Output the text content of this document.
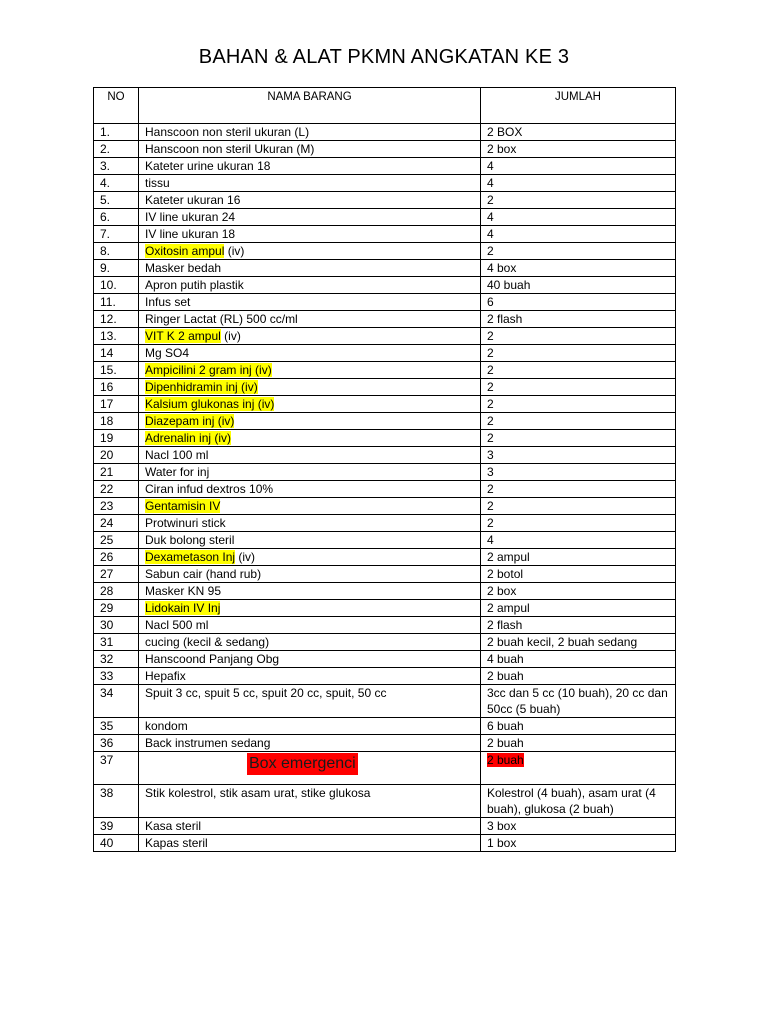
BAHAN & ALAT PKMN ANGKATAN KE 3
NO	NAMA BARANG	JUMLAH
1.	Hanscoon non steril ukuran (L)	2 BOX
2.	Hanscoon non steril Ukuran (M)	2 box
3.	Kateter urine ukuran 18	4
4.	tissu	4
5.	Kateter ukuran 16	2
6.	IV line ukuran 24	4
7.	IV line ukuran 18	4
8.	Oxitosin ampul (iv)	2
9.	Masker bedah	4 box
10.	Apron putih plastik	40 buah
11.	Infus set	6
12.	Ringer Lactat (RL) 500 cc/ml	2 flash
13.	VIT K 2 ampul (iv)	2
14	Mg SO4	2
15.	Ampicilini 2 gram inj (iv)	2
16	Dipenhidramin inj (iv)	2
17	Kalsium glukonas inj (iv)	2
18	Diazepam inj (iv)	2
19	Adrenalin inj (iv)	2
20	Nacl 100 ml	3
21	Water for inj	3
22	Ciran infud dextros 10%	2
23	Gentamisin IV	2
24	Protwinuri stick	2
25	Duk bolong steril	4
26	Dexametason Inj (iv)	2 ampul
27	Sabun cair (hand rub)	2 botol
28	Masker KN 95	2 box
29	Lidokain IV Inj	2 ampul
30	Nacl 500 ml	2 flash
31	cucing (kecil & sedang)	2 buah kecil, 2 buah sedang
32	Hanscoond Panjang Obg	4 buah
33	Hepafix	2 buah
34	Spuit 3 cc, spuit 5 cc, spuit 20 cc, spuit, 50 cc	3cc dan 5 cc (10 buah), 20 cc dan 50cc (5 buah)
35	kondom	6 buah
36	Back instrumen sedang	2 buah
37	Box emergenci	2 buah
38	Stik kolestrol, stik asam urat, stike glukosa	Kolestrol (4 buah), asam urat (4 buah), glukosa (2 buah)
39	Kasa steril	3 box
40	Kapas steril	1 box
